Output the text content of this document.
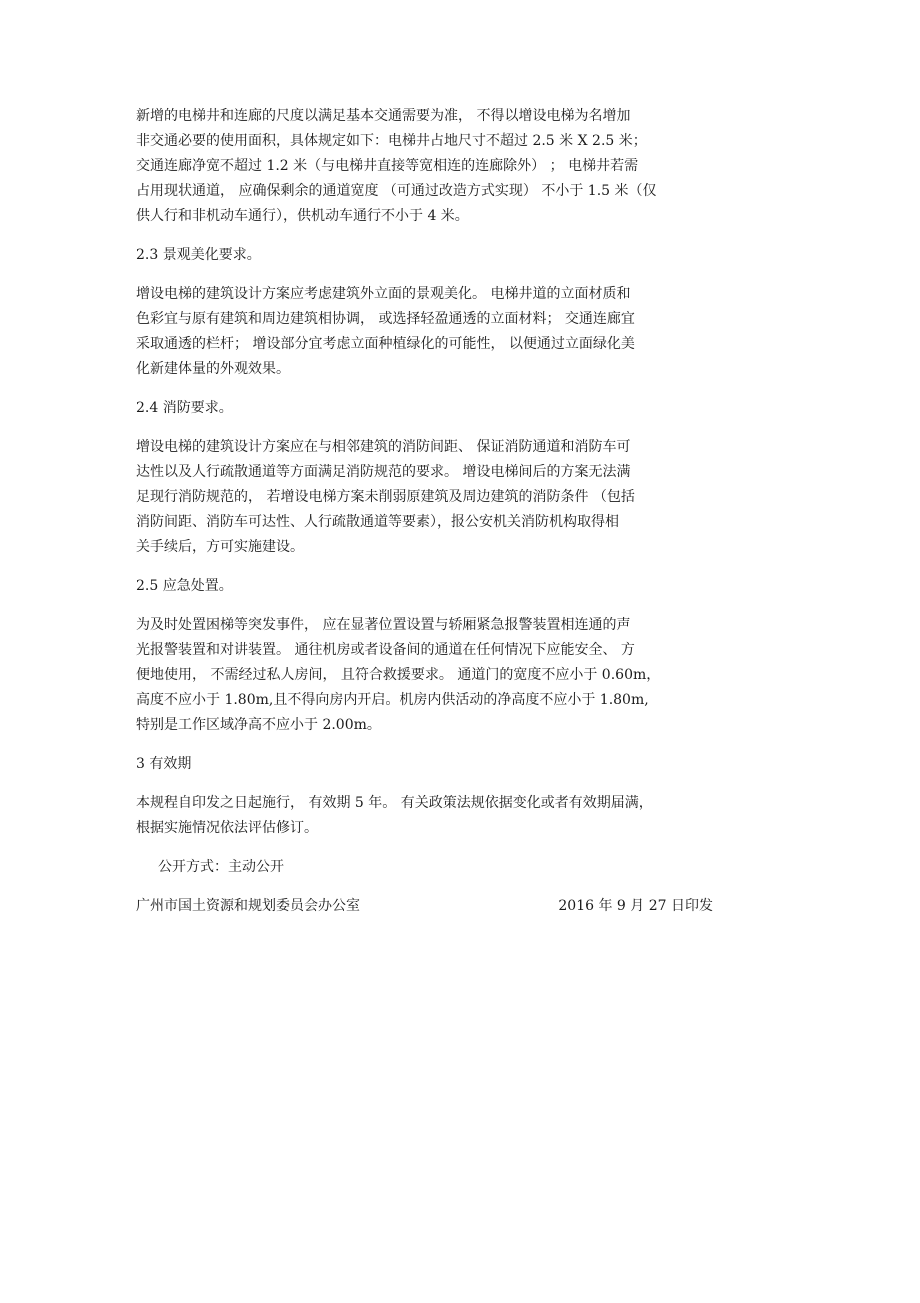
新增的电梯井和连廊的尺度以满足基本交通需要为准， 不得以增设电梯为名增加
非交通必要的使用面积，具体规定如下：电梯井占地尺寸不超过 2.5 米 X 2.5 米；
交通连廊净宽不超过 1.2 米（与电梯井直接等宽相连的连廊除外） ； 电梯井若需
占用现状通道， 应确保剩余的通道宽度 （可通过改造方式实现） 不小于 1.5 米（仅
供人行和非机动车通行），供机动车通行不小于 4 米。

2.3 景观美化要求。

增设电梯的建筑设计方案应考虑建筑外立面的景观美化。 电梯井道的立面材质和
色彩宜与原有建筑和周边建筑相协调， 或选择轻盈通透的立面材料； 交通连廊宜
采取通透的栏杆； 增设部分宜考虑立面种植绿化的可能性， 以便通过立面绿化美
化新建体量的外观效果。

2.4 消防要求。

增设电梯的建筑设计方案应在与相邻建筑的消防间距、 保证消防通道和消防车可
达性以及人行疏散通道等方面满足消防规范的要求。 增设电梯间后的方案无法满
足现行消防规范的， 若增设电梯方案未削弱原建筑及周边建筑的消防条件 （包括
消防间距、消防车可达性、人行疏散通道等要素），报公安机关消防机构取得相
关手续后，方可实施建设。

2.5 应急处置。

为及时处置困梯等突发事件， 应在显著位置设置与轿厢紧急报警装置相连通的声
光报警装置和对讲装置。 通往机房或者设备间的通道在任何情况下应能安全、 方
便地使用， 不需经过私人房间， 且符合救援要求。 通道门的宽度不应小于 0.60m，
高度不应小于 1.80m,且不得向房内开启。机房内供活动的净高度不应小于 1.80m,
特别是工作区域净高不应小于 2.00m。

3 有效期

本规程自印发之日起施行， 有效期 5 年。 有关政策法规依据变化或者有效期届满，
根据实施情况依法评估修订。

公开方式：主动公开

广州市国土资源和规划委员会办公室	2016 年 9 月 27 日印发
